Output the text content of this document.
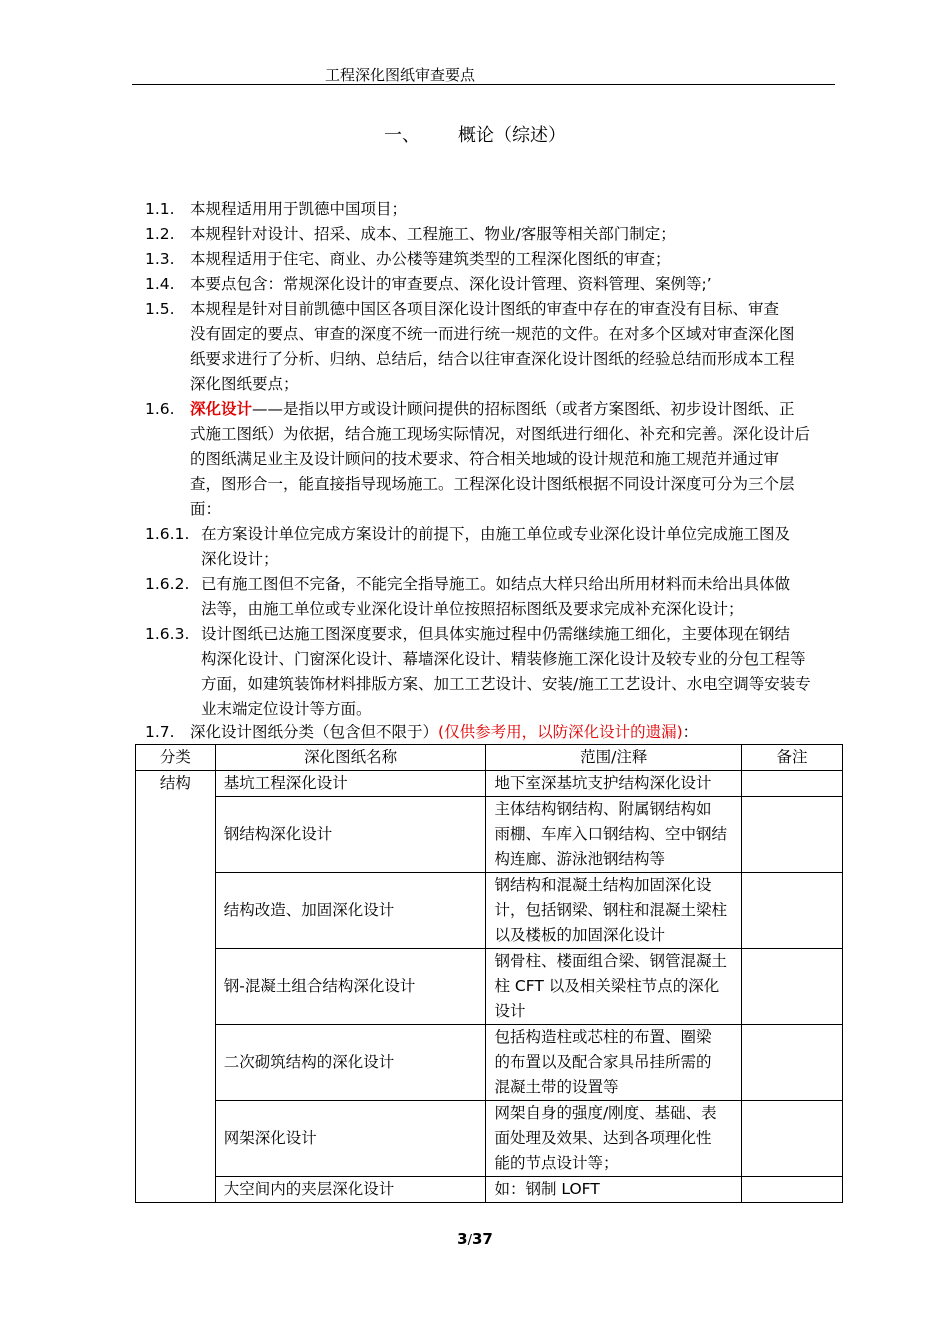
工程深化图纸审查要点
一、 概论（综述）
1.1. 本规程适用用于凯德中国项目；
1.2. 本规程针对设计、招采、成本、工程施工、物业/客服等相关部门制定；
1.3. 本规程适用于住宅、商业、办公楼等建筑类型的工程深化图纸的审查；
1.4. 本要点包含：常规深化设计的审查要点、深化设计管理、资料管理、案例等;’
1.5. 本规程是针对目前凯德中国区各项目深化设计图纸的审查中存在的审查没有目标、审查
没有固定的要点、审查的深度不统一而进行统一规范的文件。在对多个区域对审查深化图
纸要求进行了分析、归纳、总结后，结合以往审查深化设计图纸的经验总结而形成本工程
深化图纸要点；
1.6. 深化设计——是指以甲方或设计顾问提供的招标图纸（或者方案图纸、初步设计图纸、正
式施工图纸）为依据，结合施工现场实际情况，对图纸进行细化、补充和完善。深化设计后
的图纸满足业主及设计顾问的技术要求、符合相关地域的设计规范和施工规范并通过审
查，图形合一，能直接指导现场施工。工程深化设计图纸根据不同设计深度可分为三个层
面：
1.6.1. 在方案设计单位完成方案设计的前提下，由施工单位或专业深化设计单位完成施工图及
深化设计；
1.6.2. 已有施工图但不完备，不能完全指导施工。如结点大样只给出所用材料而未给出具体做
法等，由施工单位或专业深化设计单位按照招标图纸及要求完成补充深化设计；
1.6.3. 设计图纸已达施工图深度要求，但具体实施过程中仍需继续施工细化，主要体现在钢结
构深化设计、门窗深化设计、幕墙深化设计、精装修施工深化设计及较专业的分包工程等
方面，如建筑装饰材料排版方案、加工工艺设计、安装/施工工艺设计、水电空调等安装专
业末端定位设计等方面。
1.7. 深化设计图纸分类（包含但不限于）(仅供参考用，以防深化设计的遗漏)：
分类	深化图纸名称	范围/注释	备注
结构	基坑工程深化设计	地下室深基坑支护结构深化设计	

	钢结构深化设计	主体结构钢结构、附属钢结构如
雨棚、车库入口钢结构、空中钢结
构连廊、游泳池钢结构等	

	结构改造、加固深化设计	钢结构和混凝土结构加固深化设
计，包括钢梁、钢柱和混凝土梁柱
以及楼板的加固深化设计	

	钢-混凝土组合结构深化设计	钢骨柱、楼面组合梁、钢管混凝土
柱 CFT 以及相关梁柱节点的深化
设计	

	二次砌筑结构的深化设计	包括构造柱或芯柱的布置、圈梁
的布置以及配合家具吊挂所需的
混凝土带的设置等	

	网架深化设计	网架自身的强度/刚度、基础、表
面处理及效果、达到各项理化性
能的节点设计等；	

	大空间内的夹层深化设计	如：钢制 LOFT	

3/37
